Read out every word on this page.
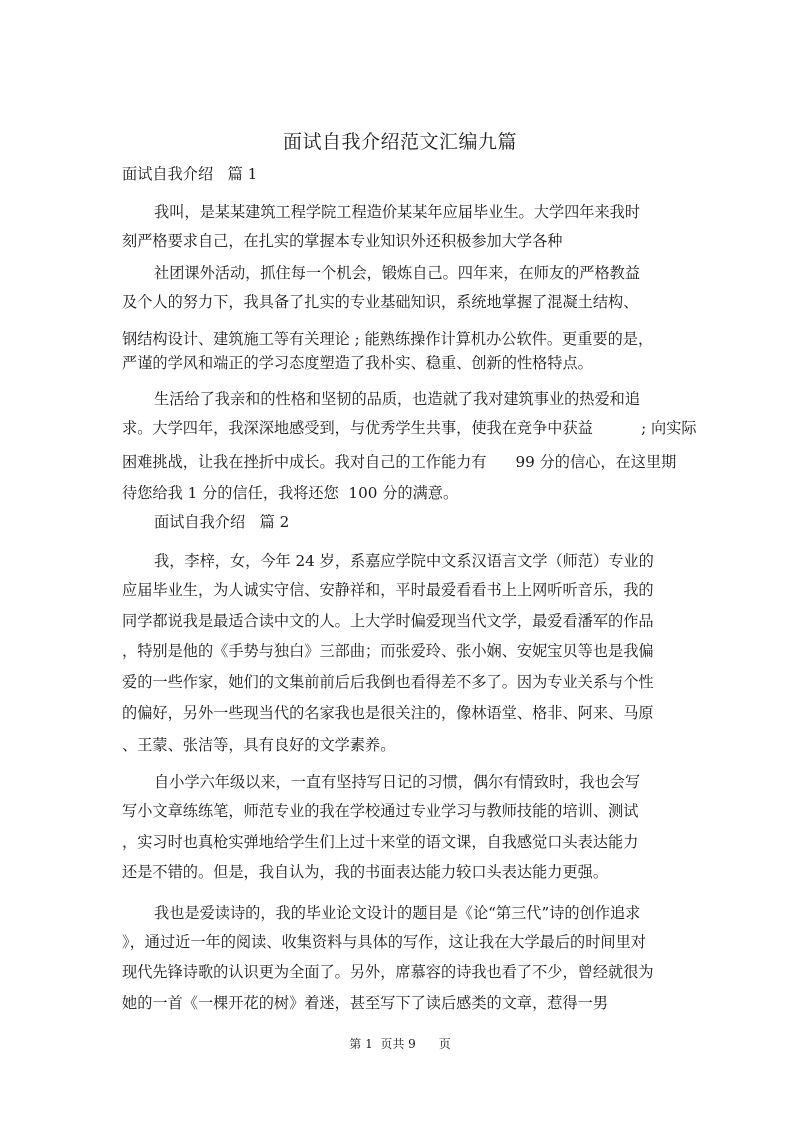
面试自我介绍范文汇编九篇
面试自我介绍   篇 1
我叫，是某某建筑工程学院工程造价某某年应届毕业生。大学四年来我时
刻严格要求自己，在扎实的掌握本专业知识外还积极参加大学各种
社团课外活动，抓住每一个机会，锻炼自己。四年来，在师友的严格教益
及个人的努力下，我具备了扎实的专业基础知识，系统地掌握了混凝土结构、
钢结构设计、建筑施工等有关理论 ; 能熟练操作计算机办公软件。更重要的是，
严谨的学风和端正的学习态度塑造了我朴实、稳重、创新的性格特点。
生活给了我亲和的性格和坚韧的品质，也造就了我对建筑事业的热爱和追
求。大学四年，我深深地感受到，与优秀学生共事，使我在竞争中获益          ; 向实际
困难挑战，让我在挫折中成长。我对自己的工作能力有      99 分的信心，在这里期
待您给我 1 分的信任，我将还您  100 分的满意。
面试自我介绍   篇 2
我，李梓，女，今年 24 岁，系嘉应学院中文系汉语言文学（师范）专业的
应届毕业生，为人诚实守信、安静祥和，平时最爱看看书上上网听听音乐，我的
同学都说我是最适合读中文的人。上大学时偏爱现当代文学，最爱看潘军的作品
，特别是他的《手势与独白》三部曲；而张爱玲、张小娴、安妮宝贝等也是我偏
爱的一些作家，她们的文集前前后后我倒也看得差不多了。因为专业关系与个性
的偏好，另外一些现当代的名家我也是很关注的，像林语堂、格非、阿来、马原
、王蒙、张洁等，具有良好的文学素养。
自小学六年级以来，一直有坚持写日记的习惯，偶尔有情致时，我也会写
写小文章练练笔，师范专业的我在学校通过专业学习与教师技能的培训、测试
，实习时也真枪实弹地给学生们上过十来堂的语文课，自我感觉口头表达能力
还是不错的。但是，我自认为，我的书面表达能力较口头表达能力更强。
我也是爱读诗的，我的毕业论文设计的题目是《论“第三代”诗的创作追求
》，通过近一年的阅读、收集资料与具体的写作，这让我在大学最后的时间里对
现代先锋诗歌的认识更为全面了。另外，席慕容的诗我也看了不少，曾经就很为
她的一首《一棵开花的树》着迷，甚至写下了读后感类的文章，惹得一男
第 1  页共 9      页
